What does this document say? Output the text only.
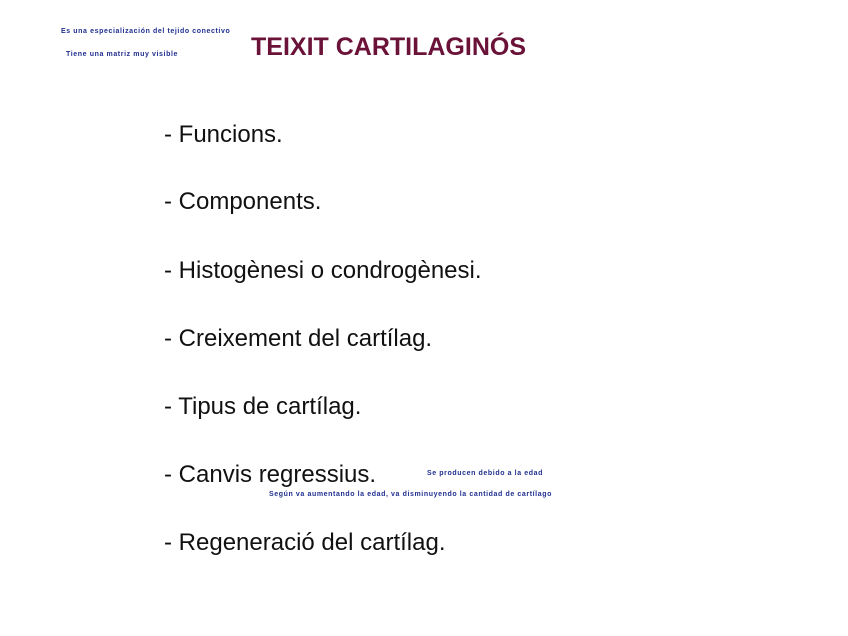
Es una especialización del tejido conectivo
Tiene una matriz muy visible	TEIXIT CARTILAGINÓS
- Funcions.
- Components.
- Histogènesi o condrogènesi.
- Creixement del cartílag.
- Tipus de cartílag.
- Canvis regressius.
- Regeneració del cartílag.
Se producen debido a la edad
Según va aumentando la edad, va disminuyendo la cantidad de cartílago
